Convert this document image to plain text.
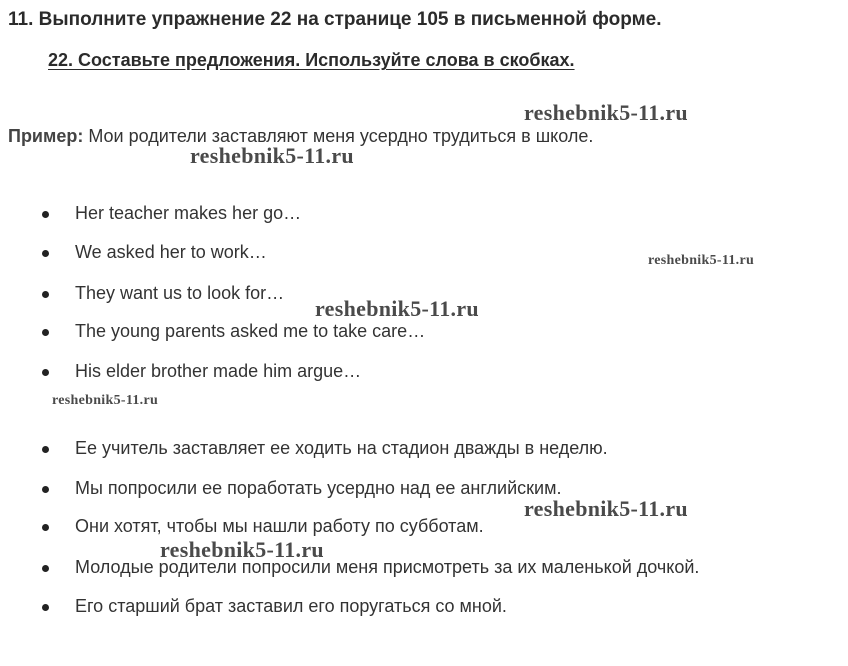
11. Выполните упражнение 22 на странице 105 в письменной форме.
22. Составьте предложения. Используйте слова в скобках.
Пример: Мои родители заставляют меня усердно трудиться в школе.
Her teacher makes her go…
We asked her to work…
They want us to look for…
The young parents asked me to take care…
His elder brother made him argue…
Ее учитель заставляет ее ходить на стадион дважды в неделю.
Мы попросили ее поработать усердно над ее английским.
Они хотят, чтобы мы нашли работу по субботам.
Молодые родители попросили меня присмотреть за их маленькой дочкой.
Его старший брат заставил его поругаться со мной.
reshebnik5-11.ru
reshebnik5-11.ru
reshebnik5-11.ru
reshebnik5-11.ru
reshebnik5-11.ru
reshebnik5-11.ru
reshebnik5-11.ru
